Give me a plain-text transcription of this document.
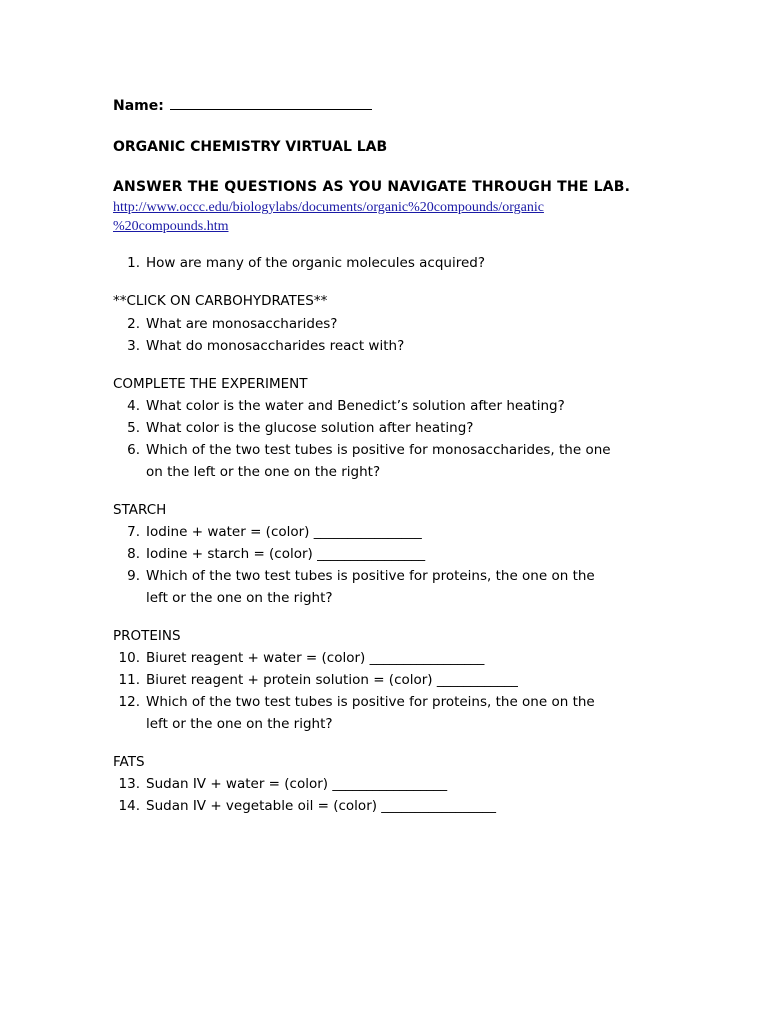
Name:
ORGANIC CHEMISTRY VIRTUAL LAB
ANSWER THE QUESTIONS AS YOU NAVIGATE THROUGH THE LAB.
http://www.occc.edu/biologylabs/documents/organic%20compounds/organic
%20compounds.htm
1. How are many of the organic molecules acquired?
**CLICK ON CARBOHYDRATES**
2. What are monosaccharides?
3. What do monosaccharides react with?
COMPLETE THE EXPERIMENT
4. What color is the water and Benedict’s solution after heating?
5. What color is the glucose solution after heating?
6. Which of the two test tubes is positive for monosaccharides, the one
on the left or the one on the right?
STARCH
7. Iodine + water = (color) ________________
8. Iodine + starch = (color) ________________
9. Which of the two test tubes is positive for proteins, the one on the
left or the one on the right?
PROTEINS
10. Biuret reagent + water = (color) _________________
11. Biuret reagent + protein solution = (color) ____________
12. Which of the two test tubes is positive for proteins, the one on the
left or the one on the right?
FATS
13. Sudan IV + water = (color) _________________
14. Sudan IV + vegetable oil = (color) _________________
